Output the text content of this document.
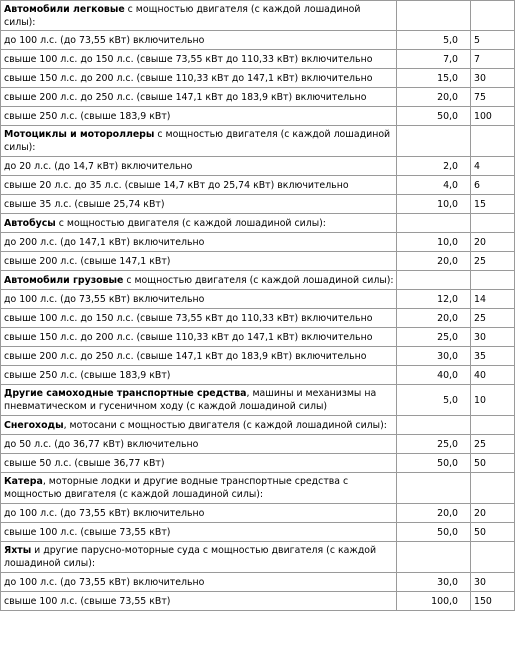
Автомобили легковые с мощностью двигателя (с каждой лошадиной силы):		
до 100 л.с. (до 73,55 кВт) включительно	5,0	5
свыше 100 л.с. до 150 л.с. (свыше 73,55 кВт до 110,33 кВт) включительно	7,0	7
свыше 150 л.с. до 200 л.с. (свыше 110,33 кВт до 147,1 кВт) включительно	15,0	30
свыше 200 л.с. до 250 л.с. (свыше 147,1 кВт до 183,9 кВт) включительно	20,0	75
свыше 250 л.с. (свыше 183,9 кВт)	50,0	100
Мотоциклы и мотороллеры с мощностью двигателя (с каждой лошадиной силы):		
до 20 л.с. (до 14,7 кВт) включительно	2,0	4
свыше 20 л.с. до 35 л.с. (свыше 14,7 кВт до 25,74 кВт) включительно	4,0	6
свыше 35 л.с. (свыше 25,74 кВт)	10,0	15
Автобусы с мощностью двигателя (с каждой лошадиной силы):		
до 200 л.с. (до 147,1 кВт) включительно	10,0	20
свыше 200 л.с. (свыше 147,1 кВт)	20,0	25
Автомобили грузовые с мощностью двигателя (с каждой лошадиной силы):		
до 100 л.с. (до 73,55 кВт) включительно	12,0	14
свыше 100 л.с. до 150 л.с. (свыше 73,55 кВт до 110,33 кВт) включительно	20,0	25
свыше 150 л.с. до 200 л.с. (свыше 110,33 кВт до 147,1 кВт) включительно	25,0	30
свыше 200 л.с. до 250 л.с. (свыше 147,1 кВт до 183,9 кВт) включительно	30,0	35
свыше 250 л.с. (свыше 183,9 кВт)	40,0	40
Другие самоходные транспортные средства, машины и механизмы на пневматическом и гусеничном ходу (с каждой лошадиной силы)	5,0	10
Снегоходы, мотосани с мощностью двигателя (с каждой лошадиной силы):		
до 50 л.с. (до 36,77 кВт) включительно	25,0	25
свыше 50 л.с. (свыше 36,77 кВт)	50,0	50
Катера, моторные лодки и другие водные транспортные средства с мощностью двигателя (с каждой лошадиной силы):		
до 100 л.с. (до 73,55 кВт) включительно	20,0	20
свыше 100 л.с. (свыше 73,55 кВт)	50,0	50
Яхты и другие парусно-моторные суда с мощностью двигателя (с каждой лошадиной силы):		
до 100 л.с. (до 73,55 кВт) включительно	30,0	30
свыше 100 л.с. (свыше 73,55 кВт)	100,0	150
